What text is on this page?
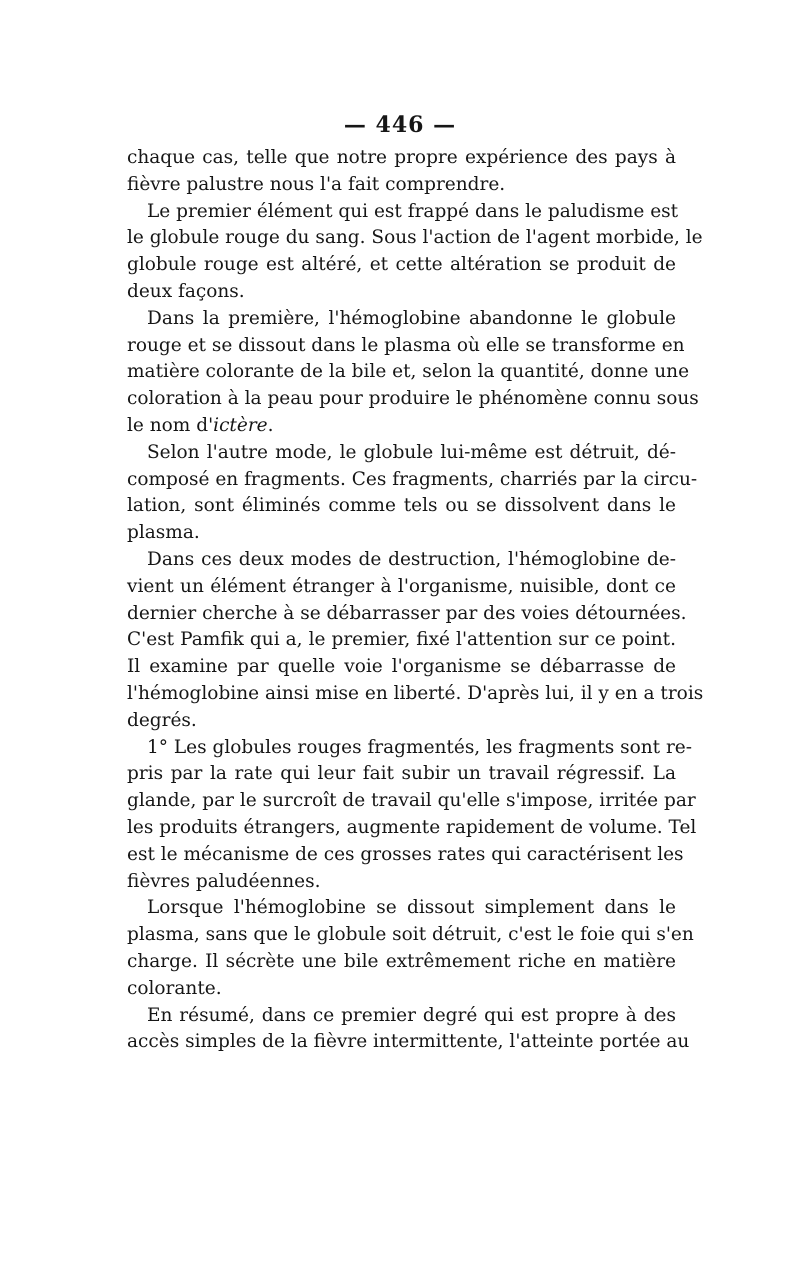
— 446 —
chaque cas, telle que notre propre expérience des pays à
fièvre palustre nous l'a fait comprendre.
Le premier élément qui est frappé dans le paludisme est
le globule rouge du sang. Sous l'action de l'agent morbide, le
globule rouge est altéré, et cette altération se produit de
deux façons.
Dans la première, l'hémoglobine abandonne le globule
rouge et se dissout dans le plasma où elle se transforme en
matière colorante de la bile et, selon la quantité, donne une
coloration à la peau pour produire le phénomène connu sous
le nom d'ictère.
Selon l'autre mode, le globule lui-même est détruit, dé-
composé en fragments. Ces fragments, charriés par la circu-
lation, sont éliminés comme tels ou se dissolvent dans le
plasma.
Dans ces deux modes de destruction, l'hémoglobine de-
vient un élément étranger à l'organisme, nuisible, dont ce
dernier cherche à se débarrasser par des voies détournées.
C'est Pamfik qui a, le premier, fixé l'attention sur ce point.
Il examine par quelle voie l'organisme se débarrasse de
l'hémoglobine ainsi mise en liberté. D'après lui, il y en a trois
degrés.
1° Les globules rouges fragmentés, les fragments sont re-
pris par la rate qui leur fait subir un travail régressif. La
glande, par le surcroît de travail qu'elle s'impose, irritée par
les produits étrangers, augmente rapidement de volume. Tel
est le mécanisme de ces grosses rates qui caractérisent les
fièvres paludéennes.
Lorsque l'hémoglobine se dissout simplement dans le
plasma, sans que le globule soit détruit, c'est le foie qui s'en
charge. Il sécrète une bile extrêmement riche en matière
colorante.
En résumé, dans ce premier degré qui est propre à des
accès simples de la fièvre intermittente, l'atteinte portée au
